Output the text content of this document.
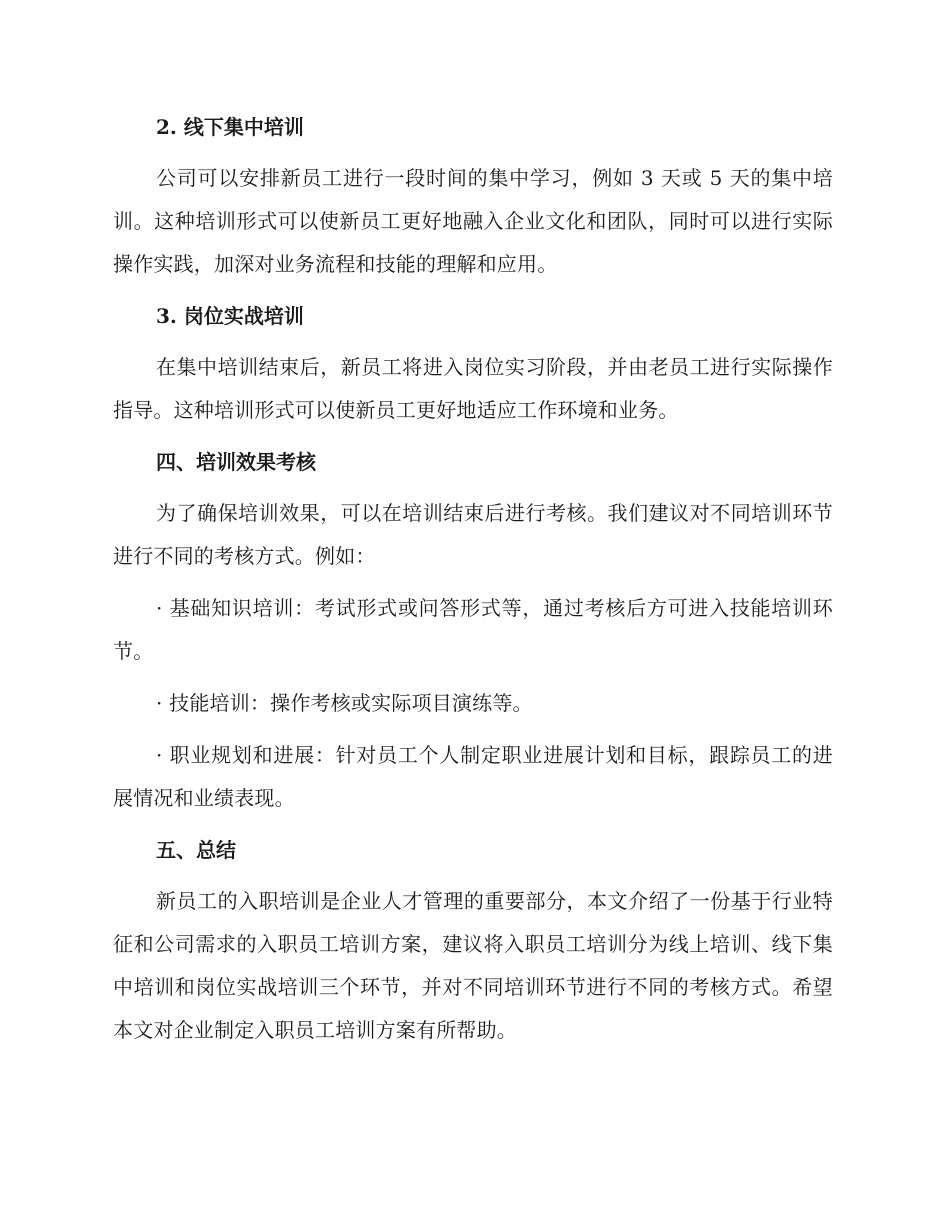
2. 线下集中培训

公司可以安排新员工进行一段时间的集中学习，例如 3 天或 5 天的集中培训。这种培训形式可以使新员工更好地融入企业文化和团队，同时可以进行实际操作实践，加深对业务流程和技能的理解和应用。

3. 岗位实战培训

在集中培训结束后，新员工将进入岗位实习阶段，并由老员工进行实际操作指导。这种培训形式可以使新员工更好地适应工作环境和业务。

四、培训效果考核

为了确保培训效果，可以在培训结束后进行考核。我们建议对不同培训环节进行不同的考核方式。例如：

· 基础知识培训：考试形式或问答形式等，通过考核后方可进入技能培训环节。

· 技能培训：操作考核或实际项目演练等。

· 职业规划和进展：针对员工个人制定职业进展计划和目标，跟踪员工的进展情况和业绩表现。

五、总结

新员工的入职培训是企业人才管理的重要部分，本文介绍了一份基于行业特征和公司需求的入职员工培训方案，建议将入职员工培训分为线上培训、线下集中培训和岗位实战培训三个环节，并对不同培训环节进行不同的考核方式。希望本文对企业制定入职员工培训方案有所帮助。
